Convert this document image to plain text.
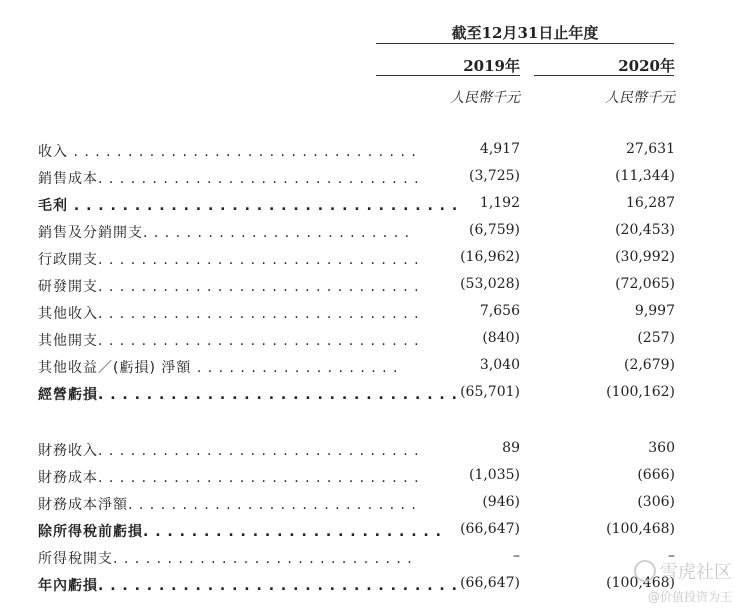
截至12月31日止年度
2019年	2020年
人民幣千元	人民幣千元
收入 . . . . . . . . . . . . . . . . . . . . . . . . . . . . . . . .	4,917	27,631
銷售成本. . . . . . . . . . . . . . . . . . . . . . . . . . . . . .	(3,725)	(11,344)
毛利 . . . . . . . . . . . . . . . . . . . . . . . . . . . . . . . .	1,192	16,287
銷售及分銷開支. . . . . . . . . . . . . . . . . . . . . . . . .	(6,759)	(20,453)
行政開支. . . . . . . . . . . . . . . . . . . . . . . . . . . . . .	(16,962)	(30,992)
研發開支. . . . . . . . . . . . . . . . . . . . . . . . . . . . . .	(53,028)	(72,065)
其他收入. . . . . . . . . . . . . . . . . . . . . . . . . . . . . .	7,656	9,997
其他開支. . . . . . . . . . . . . . . . . . . . . . . . . . . . . .	(840)	(257)
其他收益／(虧損) 淨額 . . . . . . . . . . . . . . . . . . .	3,040	(2,679)
經營虧損. . . . . . . . . . . . . . . . . . . . . . . . . . . . . . (65,701)	(100,162)
財務收入. . . . . . . . . . . . . . . . . . . . . . . . . . . . . .	89	360
財務成本. . . . . . . . . . . . . . . . . . . . . . . . . . . . . .	(1,035)	(666)
財務成本淨額. . . . . . . . . . . . . . . . . . . . . . . . . . .	(946)	(306)
除所得稅前虧損. . . . . . . . . . . . . . . . . . . . . . . . .	(66,647)	(100,468)
所得稅開支. . . . . . . . . . . . . . . . . . . . . . . . . . . .	–	–
年內虧損. . . . . . . . . . . . . . . . . . . . . . . . . . . . . . (66,647)	(100,468)
雪虎社区
@价值投资为王
